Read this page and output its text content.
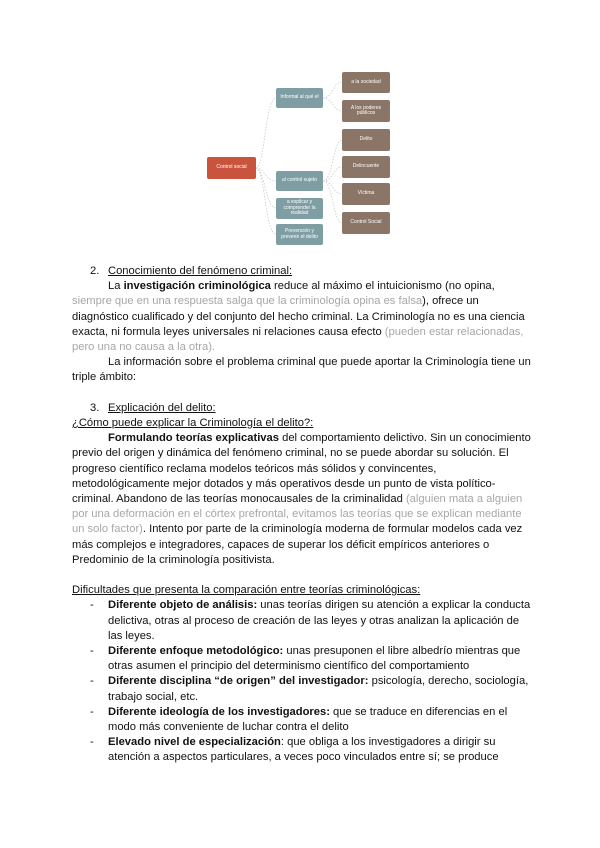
Control social
Informal al qué el
a la sociedad
A los poderes públicos
al control sujeto
Delito
Delincuente
Víctima
Control Social
a explicar y comprender la realidad
Prevención y prevenir el delito
2. Conocimiento del fenómeno criminal:

La investigación criminológica reduce al máximo el intuicionismo (no opina, siempre que en una respuesta salga que la criminología opina es falsa), ofrece un diagnóstico cualificado y del conjunto del hecho criminal. La Criminología no es una ciencia exacta, ni formula leyes universales ni relaciones causa efecto (pueden estar relacionadas, pero una no causa a la otra).

La información sobre el problema criminal que puede aportar la Criminología tiene un triple ámbito:

3. Explicación del delito:

¿Cómo puede explicar la Criminología el delito?:

Formulando teorías explicativas del comportamiento delictivo. Sin un conocimiento previo del origen y dinámica del fenómeno criminal, no se puede abordar su solución. El progreso científico reclama modelos teóricos más sólidos y convincentes, metodológicamente mejor dotados y más operativos desde un punto de vista político-criminal. Abandono de las teorías monocausales de la criminalidad (alguien mata a alguien por una deformación en el córtex prefrontal, evitamos las teorías que se explican mediante un solo factor). Intento por parte de la criminología moderna de formular modelos cada vez más complejos e integradores, capaces de superar los déficit empíricos anteriores o Predominio de la criminología positivista.

Dificultades que presenta la comparación entre teorías criminológicas:

- Diferente objeto de análisis: unas teorías dirigen su atención a explicar la conducta delictiva, otras al proceso de creación de las leyes y otras analizan la aplicación de las leyes.
- Diferente enfoque metodológico: unas presuponen el libre albedrío mientras que otras asumen el principio del determinismo científico del comportamiento
- Diferente disciplina “de origen” del investigador: psicología, derecho, sociología, trabajo social, etc.
- Diferente ideología de los investigadores: que se traduce en diferencias en el modo más conveniente de luchar contra el delito
- Elevado nivel de especialización: que obliga a los investigadores a dirigir su atención a aspectos particulares, a veces poco vinculados entre sí; se produce
